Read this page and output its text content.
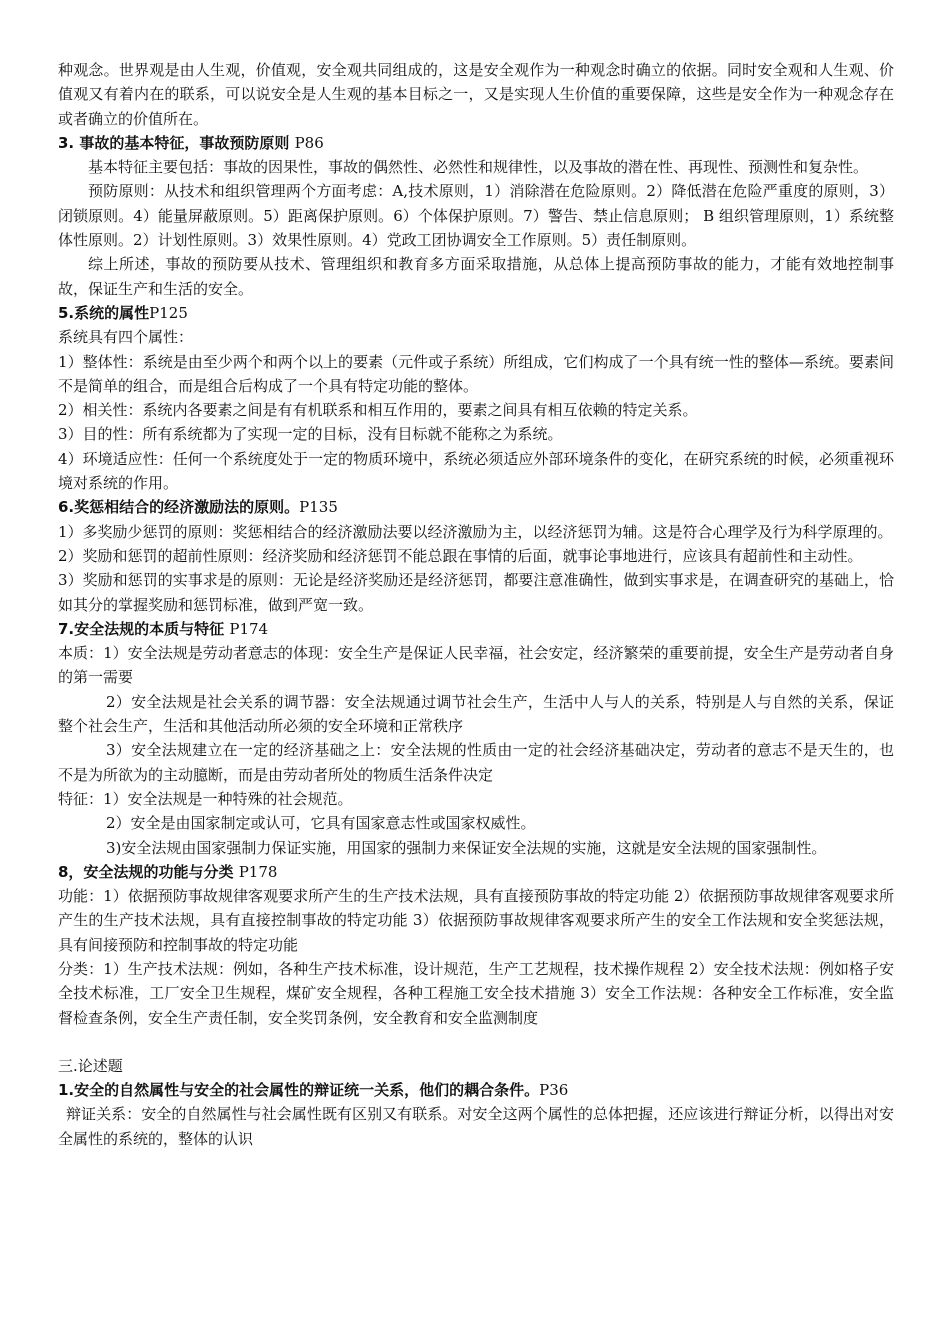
种观念。世界观是由人生观，价值观，安全观共同组成的，这是安全观作为一种观念时确立的依据。同时安全观和人生观、价值观又有着内在的联系，可以说安全是人生观的基本目标之一，又是实现人生价值的重要保障，这些是安全作为一种观念存在或者确立的价值所在。

3. 事故的基本特征，事故预防原则 P86

基本特征主要包括：事故的因果性，事故的偶然性、必然性和规律性，以及事故的潜在性、再现性、预测性和复杂性。

预防原则：从技术和组织管理两个方面考虑：A,技术原则，1）消除潜在危险原则。2）降低潜在危险严重度的原则，3）闭锁原则。4）能量屏蔽原则。5）距离保护原则。6）个体保护原则。7）警告、禁止信息原则； B 组织管理原则，1）系统整体性原则。2）计划性原则。3）效果性原则。4）党政工团协调安全工作原则。5）责任制原则。

综上所述，事故的预防要从技术、管理组织和教育多方面采取措施，从总体上提高预防事故的能力，才能有效地控制事故，保证生产和生活的安全。

5.系统的属性P125

系统具有四个属性：

1）整体性：系统是由至少两个和两个以上的要素（元件或子系统）所组成，它们构成了一个具有统一性的整体—系统。要素间不是简单的组合，而是组合后构成了一个具有特定功能的整体。

2）相关性：系统内各要素之间是有有机联系和相互作用的，要素之间具有相互依赖的特定关系。

3）目的性：所有系统都为了实现一定的目标，没有目标就不能称之为系统。

4）环境适应性：任何一个系统度处于一定的物质环境中，系统必须适应外部环境条件的变化，在研究系统的时候，必须重视环境对系统的作用。

6.奖惩相结合的经济激励法的原则。P135

1）多奖励少惩罚的原则：奖惩相结合的经济激励法要以经济激励为主，以经济惩罚为辅。这是符合心理学及行为科学原理的。

2）奖励和惩罚的超前性原则：经济奖励和经济惩罚不能总跟在事情的后面，就事论事地进行，应该具有超前性和主动性。

3）奖励和惩罚的实事求是的原则：无论是经济奖励还是经济惩罚，都要注意准确性，做到实事求是，在调查研究的基础上，恰如其分的掌握奖励和惩罚标准，做到严宽一致。

7.安全法规的本质与特征 P174

本质：1）安全法规是劳动者意志的体现：安全生产是保证人民幸福，社会安定，经济繁荣的重要前提，安全生产是劳动者自身的第一需要

2）安全法规是社会关系的调节器：安全法规通过调节社会生产，生活中人与人的关系，特别是人与自然的关系，保证整个社会生产，生活和其他活动所必须的安全环境和正常秩序

3）安全法规建立在一定的经济基础之上：安全法规的性质由一定的社会经济基础决定，劳动者的意志不是天生的，也不是为所欲为的主动臆断，而是由劳动者所处的物质生活条件决定

特征：1）安全法规是一种特殊的社会规范。

2）安全是由国家制定或认可，它具有国家意志性或国家权威性。

3)安全法规由国家强制力保证实施，用国家的强制力来保证安全法规的实施，这就是安全法规的国家强制性。

8，安全法规的功能与分类 P178

功能：1）依据预防事故规律客观要求所产生的生产技术法规，具有直接预防事故的特定功能 2）依据预防事故规律客观要求所产生的生产技术法规，具有直接控制事故的特定功能 3）依据预防事故规律客观要求所产生的安全工作法规和安全奖惩法规，具有间接预防和控制事故的特定功能

分类：1）生产技术法规：例如，各种生产技术标准，设计规范，生产工艺规程，技术操作规程 2）安全技术法规：例如格子安全技术标准，工厂安全卫生规程，煤矿安全规程，各种工程施工安全技术措施 3）安全工作法规：各种安全工作标准，安全监督检查条例，安全生产责任制，安全奖罚条例，安全教育和安全监测制度

三.论述题

1.安全的自然属性与安全的社会属性的辩证统一关系，他们的耦合条件。P36

辩证关系：安全的自然属性与社会属性既有区别又有联系。对安全这两个属性的总体把握，还应该进行辩证分析，以得出对安全属性的系统的，整体的认识
